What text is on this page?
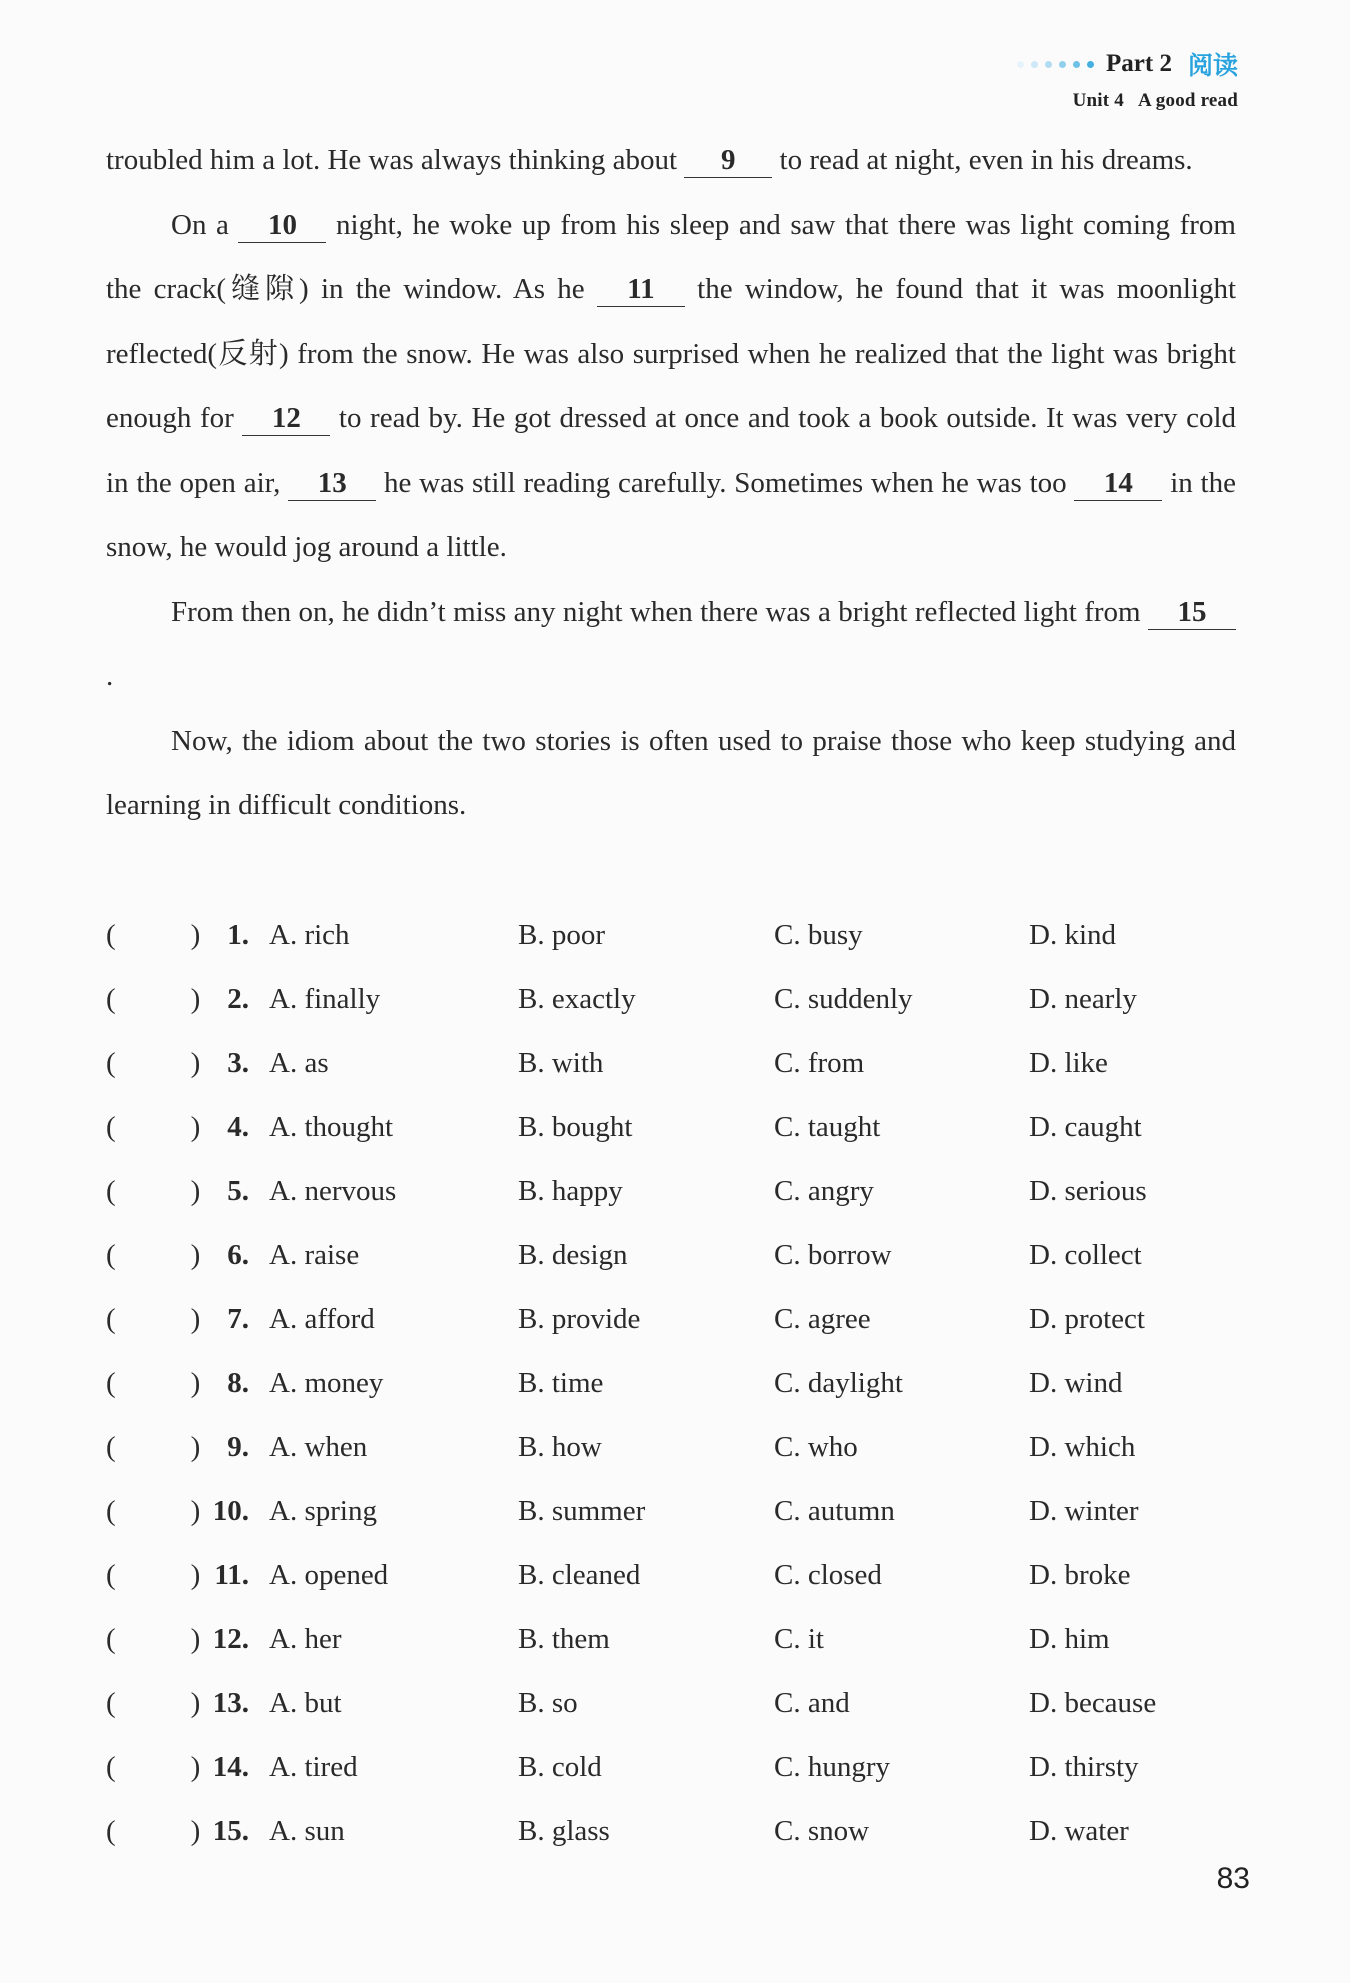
Part 2 阅读
Unit 4 A good read

troubled him a lot. He was always thinking about 9 to read at night, even in his dreams.

On a 10 night, he woke up from his sleep and saw that there was light coming from the crack(缝隙) in the window. As he 11 the window, he found that it was moonlight reflected(反射) from the snow. He was also surprised when he realized that the light was bright enough for 12 to read by. He got dressed at once and took a book outside. It was very cold in the open air, 13 he was still reading carefully. Sometimes when he was too 14 in the snow, he would jog around a little.

From then on, he didn’t miss any night when there was a bright reflected light from 15.

Now, the idiom about the two stories is often used to praise those who keep studying and learning in difficult conditions.

(	) 1. A. rich	B. poor	C. busy	D. kind
(	) 2. A. finally	B. exactly	C. suddenly	D. nearly
(	) 3. A. as	B. with	C. from	D. like
(	) 4. A. thought	B. bought	C. taught	D. caught
(	) 5. A. nervous	B. happy	C. angry	D. serious
(	) 6. A. raise	B. design	C. borrow	D. collect
(	) 7. A. afford	B. provide	C. agree	D. protect
(	) 8. A. money	B. time	C. daylight	D. wind
(	) 9. A. when	B. how	C. who	D. which
(	) 10. A. spring	B. summer	C. autumn	D. winter
(	) 11. A. opened	B. cleaned	C. closed	D. broke
(	) 12. A. her	B. them	C. it	D. him
(	) 13. A. but	B. so	C. and	D. because
(	) 14. A. tired	B. cold	C. hungry	D. thirsty
(	) 15. A. sun	B. glass	C. snow	D. water
83
